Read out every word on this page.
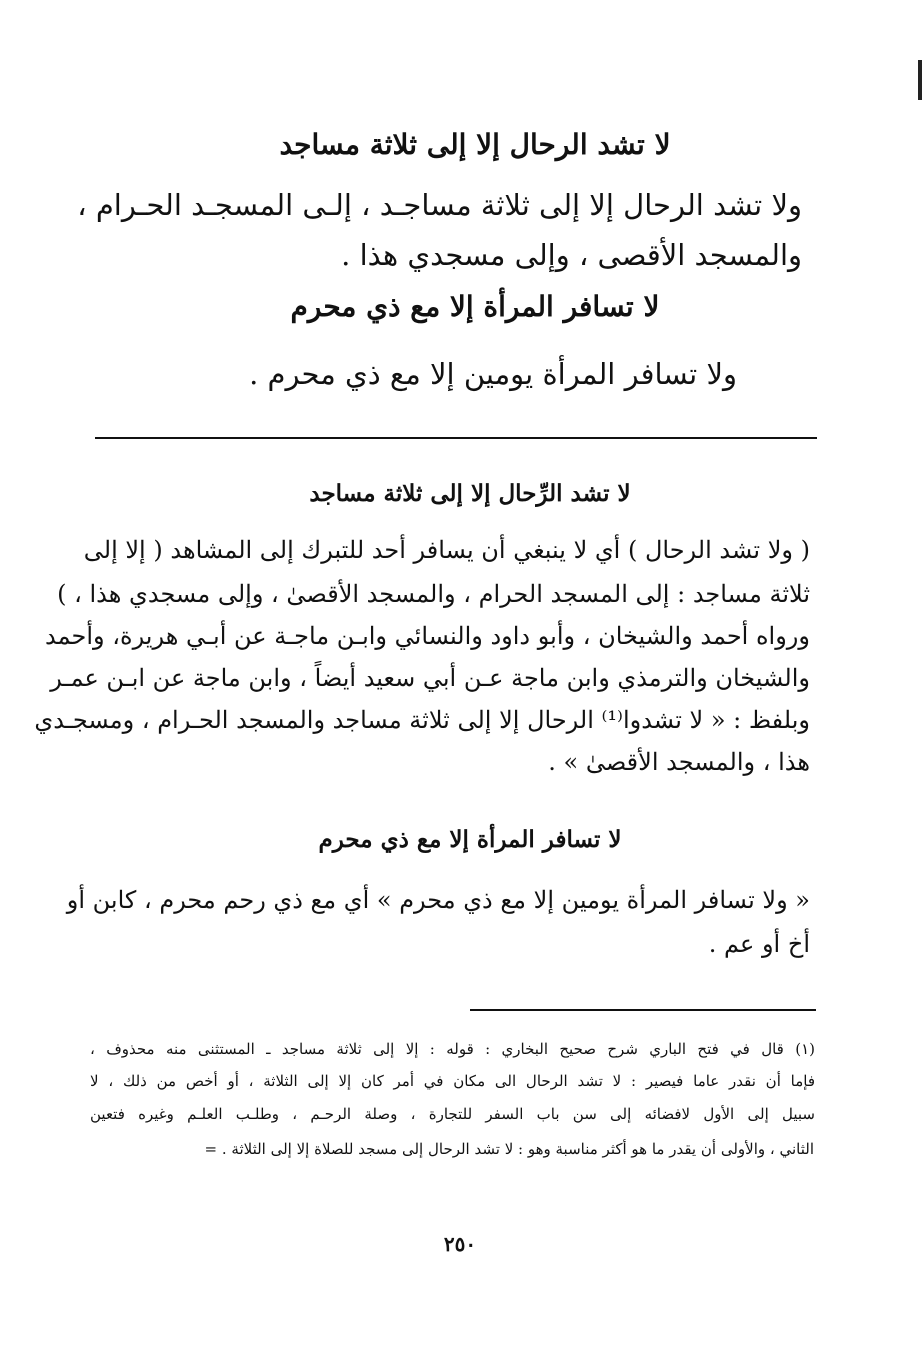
لا تشد الرحال إلا إلى ثلاثة مساجد
ولا تشد الرحال إلا إلى ثلاثة مساجـد ، إلـى المسجـد الحـرام ،
والمسجد الأقصى ، وإلى مسجدي هذا .
لا تسافر المرأة إلا مع ذي محرم
ولا تسافر المرأة يومين إلا مع ذي محرم .
لا تشد الرِّحال إلا إلى ثلاثة مساجد
( ولا تشد الرحال ) أي لا ينبغي أن يسافر أحد للتبرك إلى المشاهد ( إلا إلى
ثلاثة مساجد : إلى المسجد الحرام ، والمسجد الأقصىٰ ، وإلى مسجدي هذا ، )
ورواه أحمد والشيخان ، وأبو داود والنسائي وابـن ماجـة عن أبـي هريرة، وأحمد
والشيخان والترمذي وابن ماجة عـن أبي سعيد أيضاً ، وابن ماجة عن ابـن عمـر
وبلفظ : « لا تشدوا⁽¹⁾ الرحال إلا إلى ثلاثة مساجد والمسجد الحـرام ، ومسجـدي
هذا ، والمسجد الأقصىٰ » .
لا تسافر المرأة إلا مع ذي محرم
« ولا تسافر المرأة يومين إلا مع ذي محرم » أي مع ذي رحم محرم ، كابن أو
أخ أو عم .
(١) قال في فتح الباري شرح صحيح البخاري : قوله : إلا إلى ثلاثة مساجد ـ المستثنى منه محذوف ،
فإما أن نقدر عاما فيصير : لا تشد الرحال الى مكان في أمر كان إلا إلى الثلاثة ، أو أخص من ذلك ، لا
سبيل إلى الأول لافضائه إلى سن باب السفر للتجارة ، وصلة الرحـم ، وطلـب العلـم وغيره فتعين
الثاني ، والأولى أن يقدر ما هو أكثر مناسبة وهو : لا تشد الرحال إلى مسجد للصلاة إلا إلى الثلاثة . =
٢٥٠
